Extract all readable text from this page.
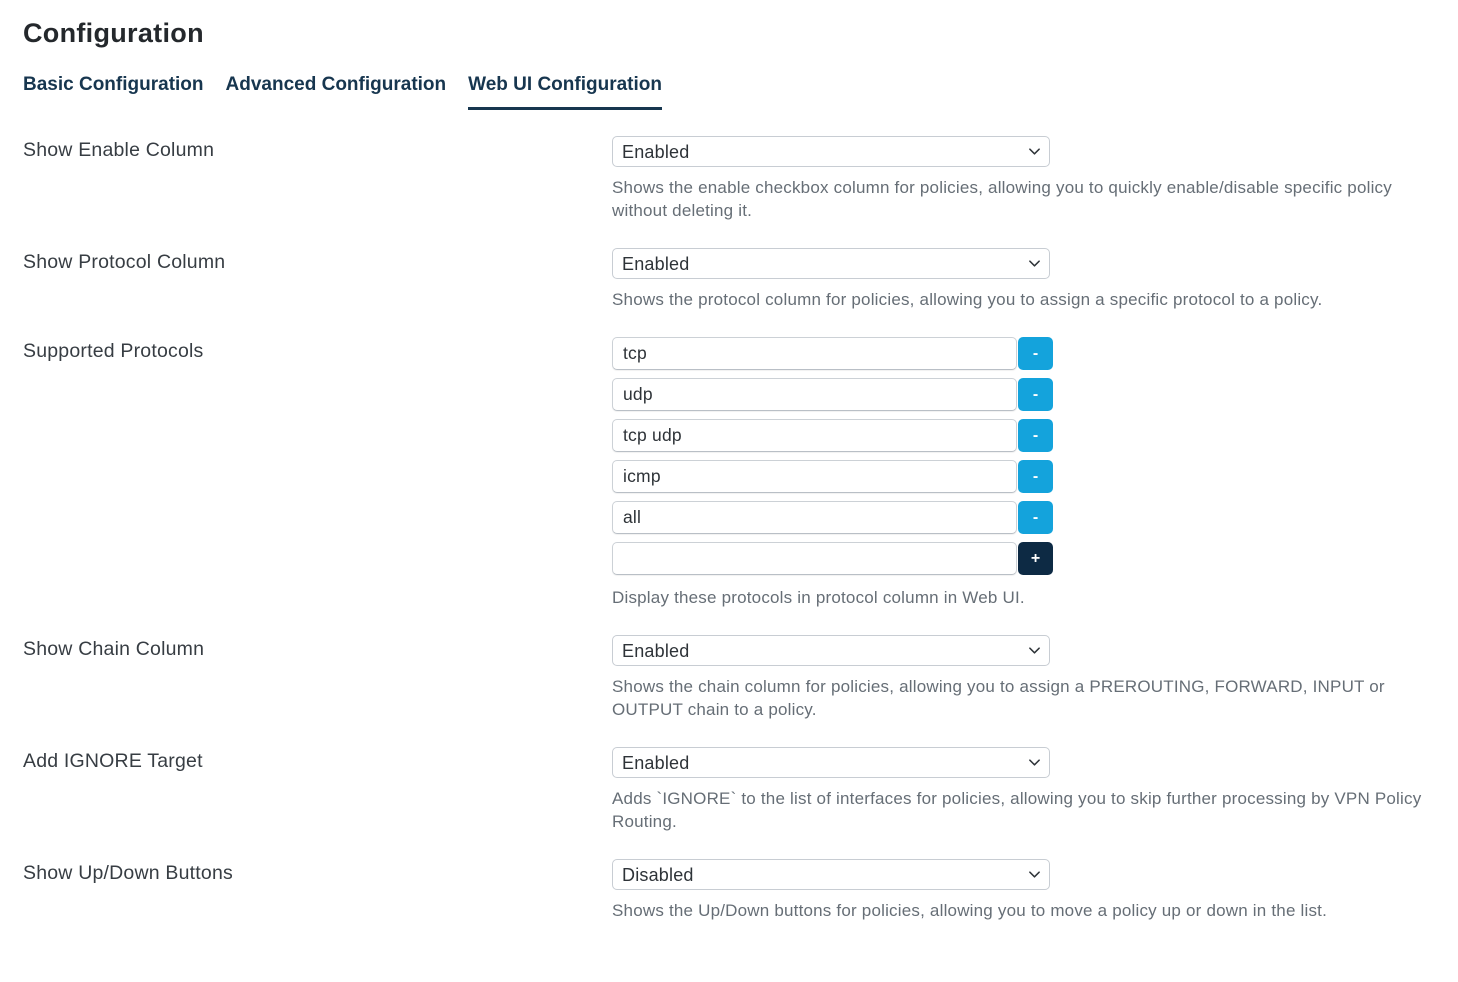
Configuration
Basic Configuration Advanced Configuration Web UI Configuration
Show Enable Column
Enabled
Shows the enable checkbox column for policies, allowing you to quickly enable/disable specific policy without deleting it.
Show Protocol Column
Enabled
Shows the protocol column for policies, allowing you to assign a specific protocol to a policy.
Supported Protocols
tcp	-
udp
-
tcp udp
-
icmp
-
all
-
+
Display these protocols in protocol column in Web UI.
Show Chain Column
Enabled
Shows the chain column for policies, allowing you to assign a PREROUTING, FORWARD, INPUT or OUTPUT chain to a policy.
Add IGNORE Target
Enabled
Adds `IGNORE` to the list of interfaces for policies, allowing you to skip further processing by VPN Policy Routing.
Show Up/Down Buttons
Disabled
Shows the Up/Down buttons for policies, allowing you to move a policy up or down in the list.
